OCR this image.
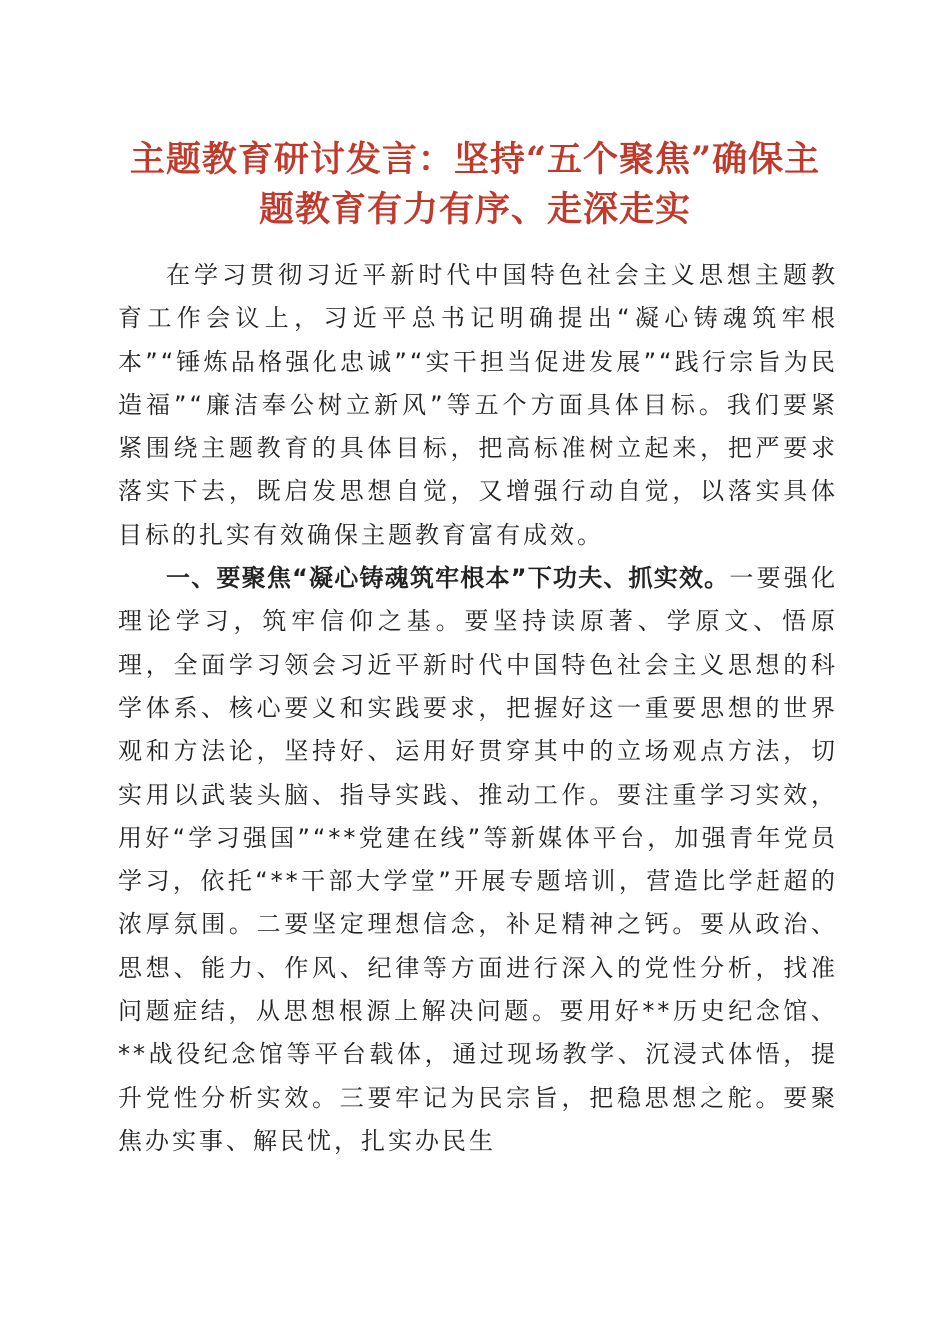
主题教育研讨发言：坚持“五个聚焦”确保主
题教育有力有序、走深走实

在学习贯彻习近平新时代中国特色社会主义思想主题教育工作会议上，习近平总书记明确提出“凝心铸魂筑牢根本”“锤炼品格强化忠诚”“实干担当促进发展”“践行宗旨为民造福”“廉洁奉公树立新风”等五个方面具体目标。我们要紧紧围绕主题教育的具体目标，把高标准树立起来，把严要求落实下去，既启发思想自觉，又增强行动自觉，以落实具体目标的扎实有效确保主题教育富有成效。

一、要聚焦“凝心铸魂筑牢根本”下功夫、抓实效。一要强化理论学习，筑牢信仰之基。要坚持读原著、学原文、悟原理，全面学习领会习近平新时代中国特色社会主义思想的科学体系、核心要义和实践要求，把握好这一重要思想的世界观和方法论，坚持好、运用好贯穿其中的立场观点方法，切实用以武装头脑、指导实践、推动工作。要注重学习实效，用好“学习强国”“**党建在线”等新媒体平台，加强青年党员学习，依托“**干部大学堂”开展专题培训，营造比学赶超的浓厚氛围。二要坚定理想信念，补足精神之钙。要从政治、思想、能力、作风、纪律等方面进行深入的党性分析，找准问题症结，从思想根源上解决问题。要用好**历史纪念馆、**战役纪念馆等平台载体，通过现场教学、沉浸式体悟，提升党性分析实效。三要牢记为民宗旨，把稳思想之舵。要聚焦办实事、解民忧，扎实办民生
